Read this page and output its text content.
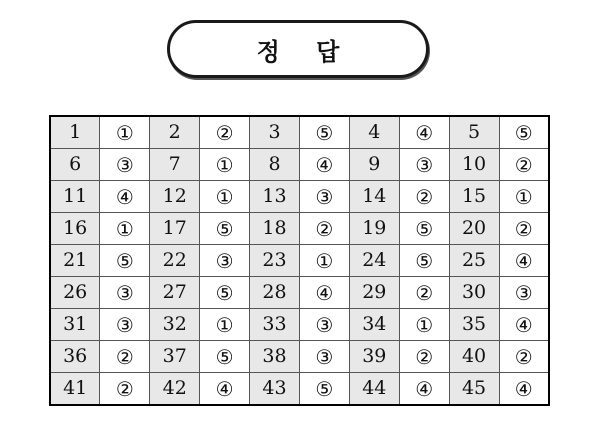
정 답
1	①	2	②	3	⑤	4	④	5	⑤
6	③	7	①	8	④	9	③	10	②
11	④	12	①	13	③	14	②	15	①
16	①	17	⑤	18	②	19	⑤	20	②
21	⑤	22	③	23	①	24	⑤	25	④
26	③	27	⑤	28	④	29	②	30	③
31	③	32	①	33	③	34	①	35	④
36	②	37	⑤	38	③	39	②	40	②
41	②	42	④	43	⑤	44	④	45	④
